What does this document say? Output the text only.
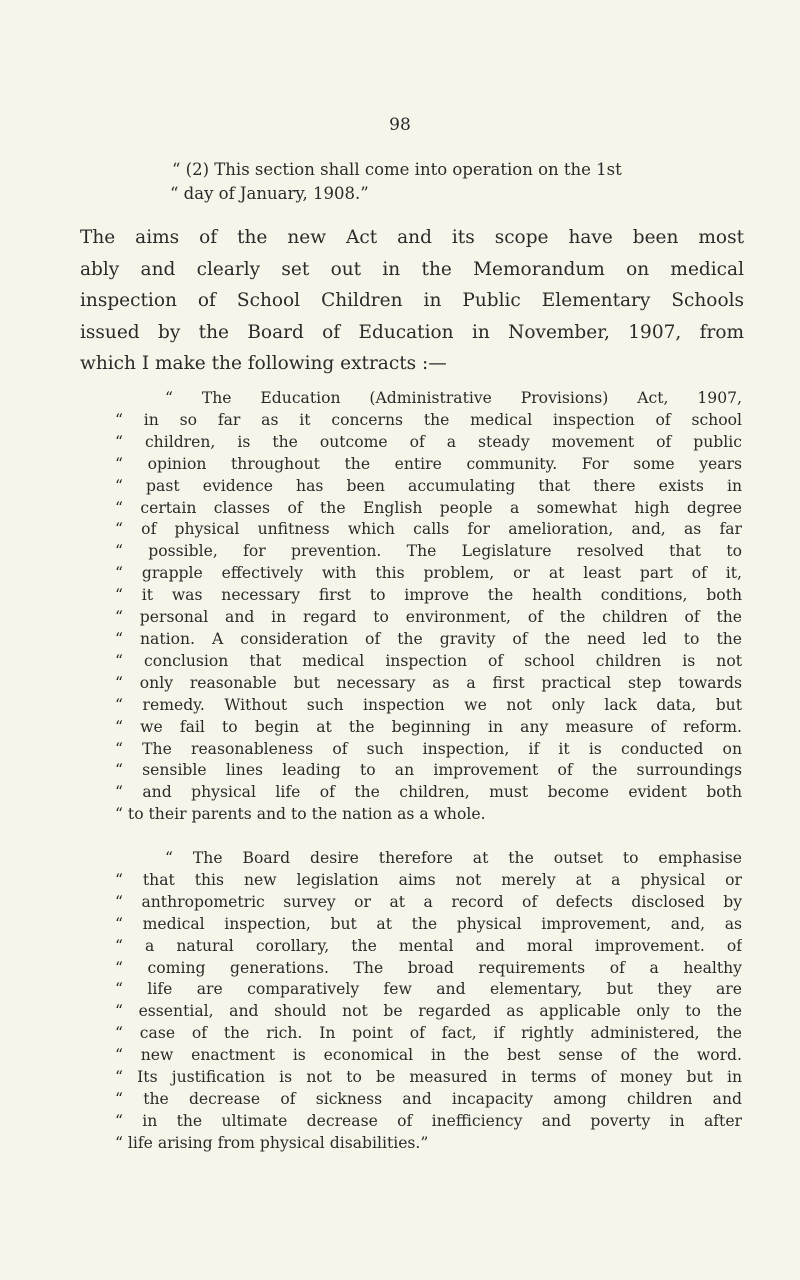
98
“ (2) This section shall come into operation on the 1st
“ day of January, 1908.”
The aims of the new Act and its scope have been most
ably and clearly set out in the Memorandum on medical
inspection of School Children in Public Elementary Schools
issued by the Board of Education in November, 1907, from
which I make the following extracts :—
“ The Education (Administrative Provisions) Act, 1907,
“ in so far as it concerns the medical inspection of school
“ children, is the outcome of a steady movement of public
“ opinion throughout the entire community. For some years
“ past evidence has been accumulating that there exists in
“ certain classes of the English people a somewhat high degree
“ of physical unfitness which calls for amelioration, and, as far
“ possible, for prevention. The Legislature resolved that to
“ grapple effectively with this problem, or at least part of it,
“ it was necessary first to improve the health conditions, both
“ personal and in regard to environment, of the children of the
“ nation. A consideration of the gravity of the need led to the
“ conclusion that medical inspection of school children is not
“ only reasonable but necessary as a first practical step towards
“ remedy. Without such inspection we not only lack data, but
“ we fail to begin at the beginning in any measure of reform.
“ The reasonableness of such inspection, if it is conducted on
“ sensible lines leading to an improvement of the surroundings
“ and physical life of the children, must become evident both
“ to their parents and to the nation as a whole.
“ The Board desire therefore at the outset to emphasise
“ that this new legislation aims not merely at a physical or
“ anthropometric survey or at a record of defects disclosed by
“ medical inspection, but at the physical improvement, and, as
“ a natural corollary, the mental and moral improvement. of
“ coming generations. The broad requirements of a healthy
“ life are comparatively few and elementary, but they are
“ essential, and should not be regarded as applicable only to the
“ case of the rich. In point of fact, if rightly administered, the
“ new enactment is economical in the best sense of the word.
“ Its justification is not to be measured in terms of money but in
“ the decrease of sickness and incapacity among children and
“ in the ultimate decrease of inefficiency and poverty in after
“ life arising from physical disabilities.”
